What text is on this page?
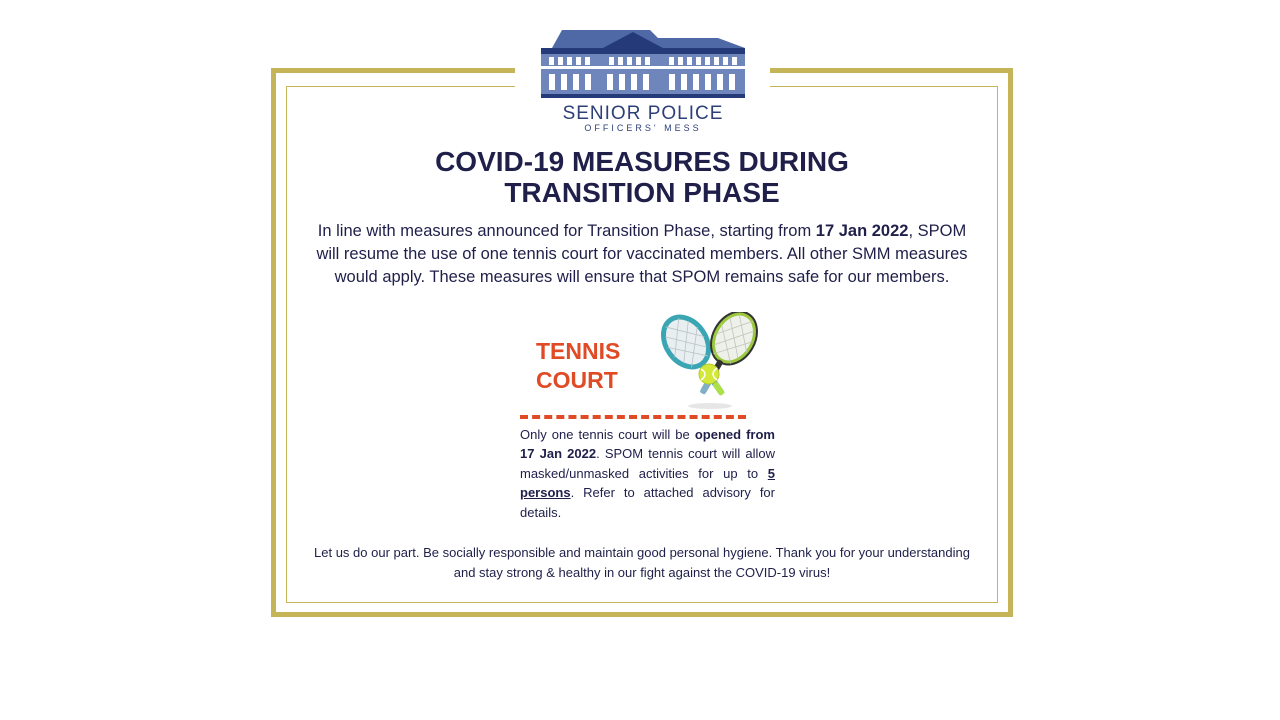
SENIOR POLICE
OFFICERS' MESS
COVID-19 MEASURES DURING
TRANSITION PHASE

In line with measures announced for Transition Phase, starting from 17 Jan 2022, SPOM will resume the use of one tennis court for vaccinated members. All other SMM measures would apply. These measures will ensure that SPOM remains safe for our members.

TENNIS
COURT

Only one tennis court will be opened from 17 Jan 2022. SPOM tennis court will allow masked/unmasked activities for up to 5 persons. Refer to attached advisory for details.

Let us do our part. Be socially responsible and maintain good personal hygiene. Thank you for your understanding and stay strong & healthy in our fight against the COVID-19 virus!
